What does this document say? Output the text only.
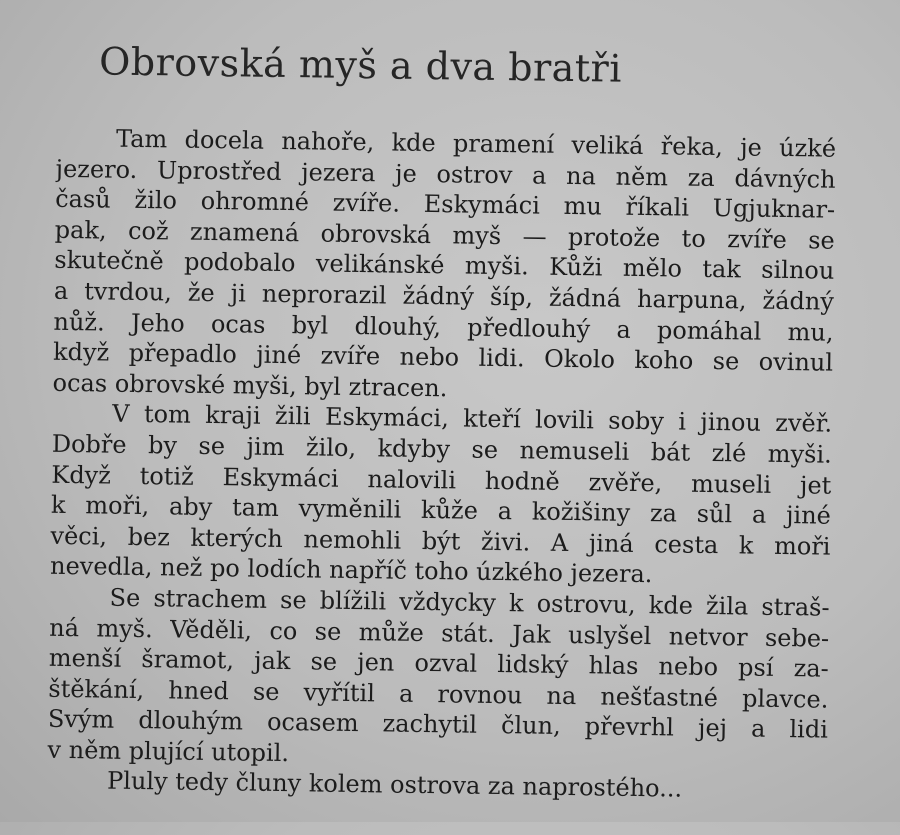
Obrovská myš a dva bratři
Tam docela nahoře, kde pramení veliká řeka, je úzké
jezero. Uprostřed jezera je ostrov a na něm za dávných
časů žilo ohromné zvíře. Eskymáci mu říkali Ugjuknar-
pak, což znamená obrovská myš — protože to zvíře se
skutečně podobalo velikánské myši. Kůži mělo tak silnou
a tvrdou, že ji neprorazil žádný šíp, žádná harpuna, žádný
nůž. Jeho ocas byl dlouhý, předlouhý a pomáhal mu,
když přepadlo jiné zvíře nebo lidi. Okolo koho se ovinul
ocas obrovské myši, byl ztracen.
V tom kraji žili Eskymáci, kteří lovili soby i jinou zvěř.
Dobře by se jim žilo, kdyby se nemuseli bát zlé myši.
Když totiž Eskymáci nalovili hodně zvěře, museli jet
k moři, aby tam vyměnili kůže a kožišiny za sůl a jiné
věci, bez kterých nemohli být živi. A jiná cesta k moři
nevedla, než po lodích napříč toho úzkého jezera.
Se strachem se blížili vždycky k ostrovu, kde žila straš-
ná myš. Věděli, co se může stát. Jak uslyšel netvor sebe-
menší šramot, jak se jen ozval lidský hlas nebo psí za-
štěkání, hned se vyřítil a rovnou na nešťastné plavce.
Svým dlouhým ocasem zachytil člun, převrhl jej a lidi
v něm plující utopil.
Pluly tedy čluny kolem ostrova za naprostého...
